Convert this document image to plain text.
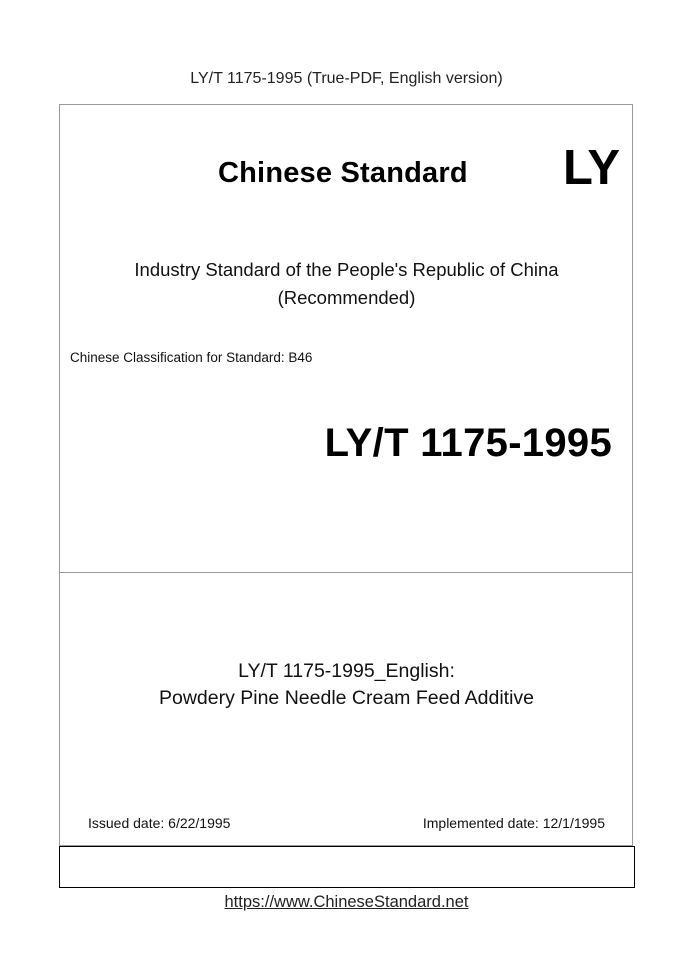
LY/T 1175-1995 (True-PDF, English version)
Chinese Standard LY
Industry Standard of the People's Republic of China
(Recommended)
Chinese Classification for Standard: B46
LY/T 1175-1995
LY/T 1175-1995_English:
Powdery Pine Needle Cream Feed Additive
Issued date: 6/22/1995	Implemented date: 12/1/1995
https://www.ChineseStandard.net
